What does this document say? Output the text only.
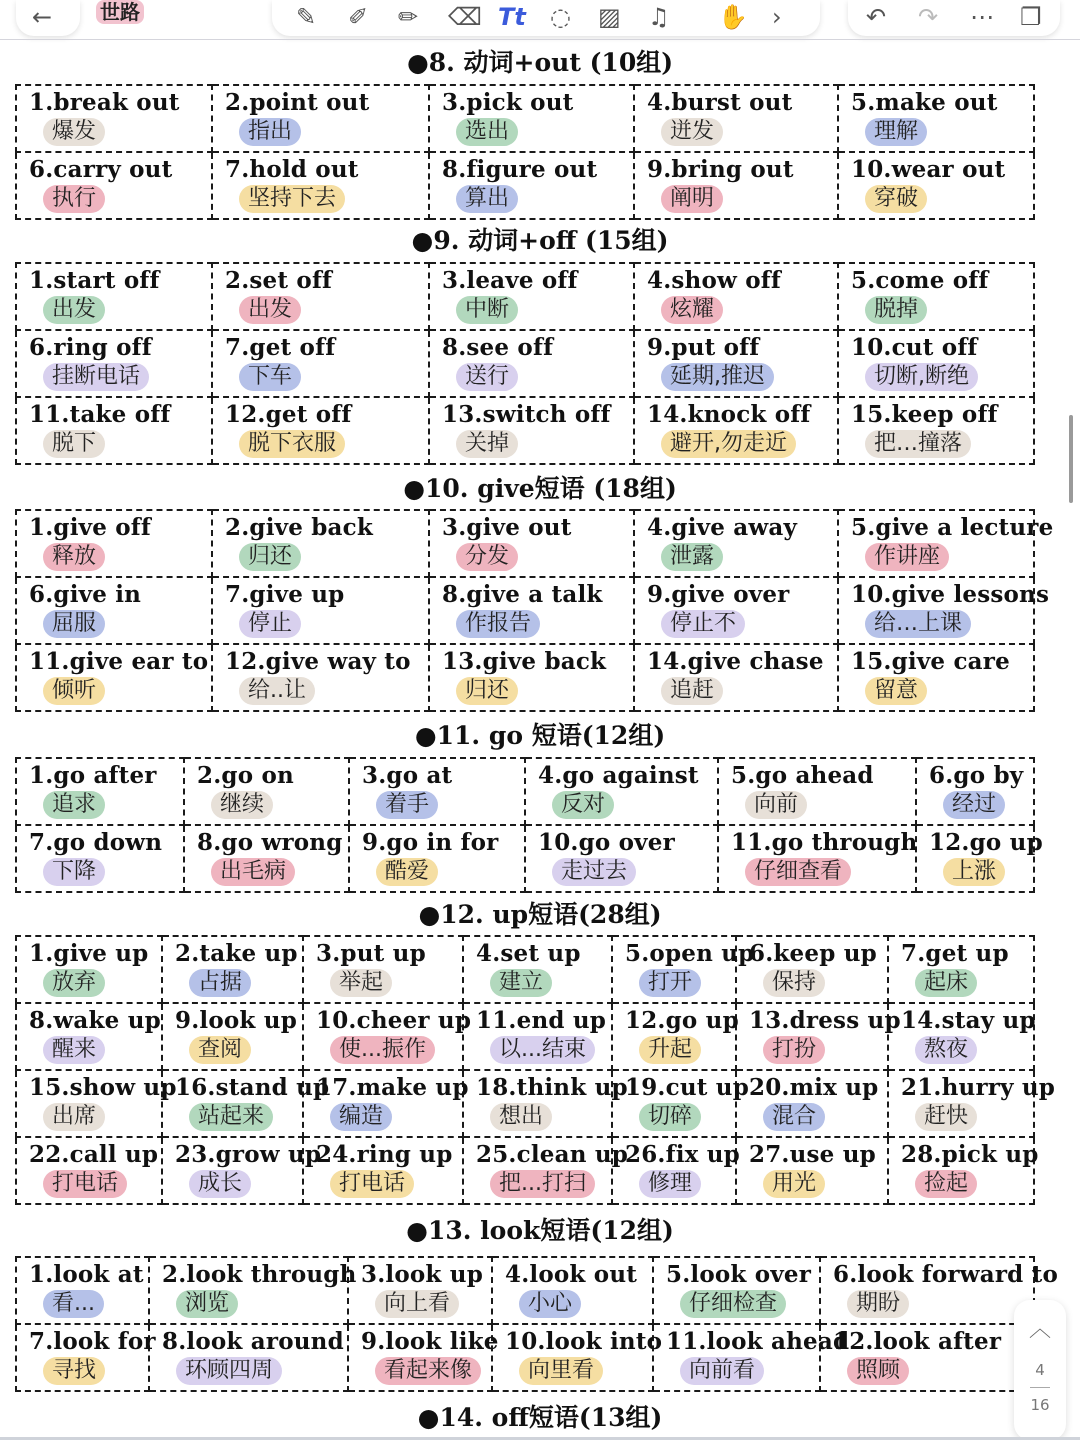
← 世路	✎ ✐ ✏ ⌫ Tt ◌ ▨ ♫ ✋ ›	↶ ↷ ⋯ ❐
●8. 动词+out (10组)
1.break out
爆发	2.point out
指出	3.pick out
选出	4.burst out
迸发	5.make out
理解

6.carry out
执行	7.hold out
坚持下去	8.figure out
算出	9.bring out
阐明	10.wear out
穿破
●9. 动词+off (15组)
1.start off
出发	2.set off
出发	3.leave off
中断	4.show off
炫耀	5.come off
脱掉

6.ring off
挂断电话	7.get off
下车	8.see off
送行	9.put off
延期,推迟	10.cut off
切断,断绝

11.take off
脱下	12.get off
脱下衣服	13.switch off
关掉	14.knock off
避开,勿走近	15.keep off
把…撞落
●10. give短语 (18组)
1.give off
释放	2.give back
归还	3.give out
分发	4.give away
泄露	5.give a lecture
作讲座

6.give in
屈服	7.give up
停止	8.give a talk
作报告	9.give over
停止不	10.give lessons
给…上课

11.give ear to
倾听	12.give way to
给..让	13.give back
归还	14.give chase
追赶	15.give care
留意
●11. go 短语(12组)
1.go after
追求	2.go on
继续	3.go at
着手	4.go against
反对	5.go ahead
向前	6.go by
经过

7.go down
下降	8.go wrong
出毛病	9.go in for
酷爱	10.go over
走过去	11.go through
仔细查看	12.go up
上涨
●12. up短语(28组)
1.give up
放弃	2.take up
占据	3.put up
举起	4.set up
建立	5.open up
打开	6.keep up
保持	7.get up
起床

8.wake up
醒来	9.look up
查阅	10.cheer up
使...振作	11.end up
以...结束	12.go up
升起	13.dress up
打扮	14.stay up
熬夜

15.show up
出席	16.stand up
站起来	17.make up
编造	18.think up
想出	19.cut up
切碎	20.mix up
混合	21.hurry up
赶快

22.call up
打电话	23.grow up
成长	24.ring up
打电话	25.clean up
把...打扫	26.fix up
修理	27.use up
用光	28.pick up
捡起
●13. look短语(12组)
1.look at
看...	2.look through
浏览	3.look up
向上看	4.look out
小心	5.look over
仔细检查	6.look forward to
期盼

7.look for
寻找	8.look around
环顾四周	9.look like
看起来像	10.look into
向里看	11.look ahead
向前看	12.look after
照顾
●14. off短语(13组)
︿
4
16
